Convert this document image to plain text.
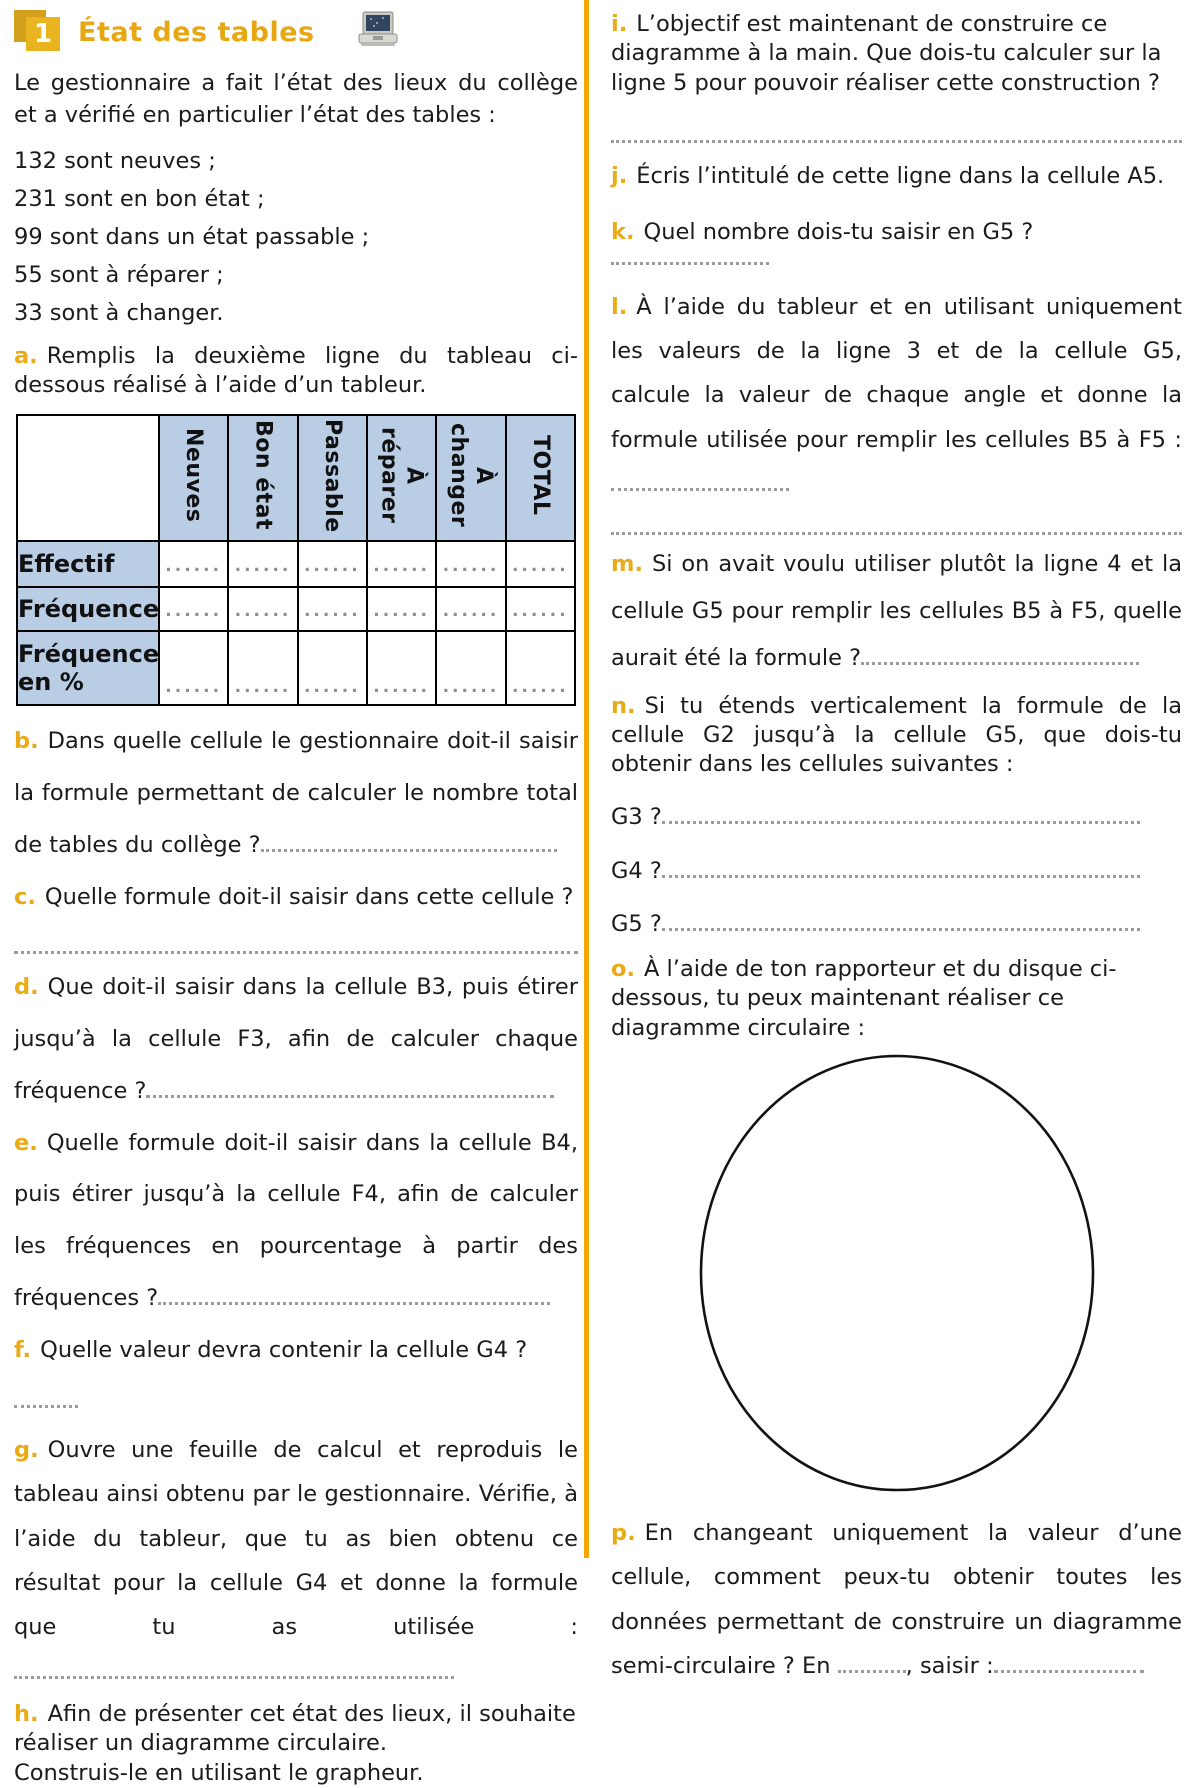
1 État des tables

Le gestionnaire a fait l’état des lieux du collège et a vérifié en particulier l’état des tables :

132 sont neuves ;

231 sont en bon état ;

99 sont dans un état passable ;

55 sont à réparer ;

33 sont à changer.

a. Remplis la deuxième ligne du tableau ci-dessous réalisé à l’aide d’un tableur.

	Neuves	Bon état	Passable	À réparer	À changer	TOTAL
Effectif	......	......	......	......	......	......
Fréquence	......	......	......	......	......	......
Fréquence en %	......	......	......	......	......	......

b. Dans quelle cellule le gestionnaire doit-il saisir la formule permettant de calculer le nombre total de tables du collège ?

c. Quelle formule doit-il saisir dans cette cellule ?

d. Que doit-il saisir dans la cellule B3, puis étirer jusqu’à la cellule F3, afin de calculer chaque fréquence ?

e. Quelle formule doit-il saisir dans la cellule B4, puis étirer jusqu’à la cellule F4, afin de calculer les fréquences en pourcentage à partir des fréquences ?

f. Quelle valeur devra contenir la cellule G4 ?

g. Ouvre une feuille de calcul et reproduis le tableau ainsi obtenu par le gestionnaire. Vérifie, à l’aide du tableur, que tu as bien obtenu ce résultat pour la cellule G4 et donne la formule que tu as utilisée :

h. Afin de présenter cet état des lieux, il souhaite réaliser un diagramme circulaire.
Construis-le en utilisant le grapheur.

i. L’objectif est maintenant de construire ce diagramme à la main. Que dois-tu calculer sur la ligne 5 pour pouvoir réaliser cette construction ?

j. Écris l’intitulé de cette ligne dans la cellule A5.

k. Quel nombre dois-tu saisir en G5 ?

l. À l’aide du tableur et en utilisant uniquement les valeurs de la ligne 3 et de la cellule G5, calcule la valeur de chaque angle et donne la formule utilisée pour remplir les cellules B5 à F5 :

m. Si on avait voulu utiliser plutôt la ligne 4 et la cellule G5 pour remplir les cellules B5 à F5, quelle aurait été la formule ?

n. Si tu étends verticalement la formule de la cellule G2 jusqu’à la cellule G5, que dois-tu obtenir dans les cellules suivantes :

G3 ?

G4 ?

G5 ?

o. À l’aide de ton rapporteur et du disque ci-dessous, tu peux maintenant réaliser ce diagramme circulaire :

p. En changeant uniquement la valeur d’une cellule, comment peux-tu obtenir toutes les données permettant de construire un diagramme semi-circulaire ? En	, saisir :
